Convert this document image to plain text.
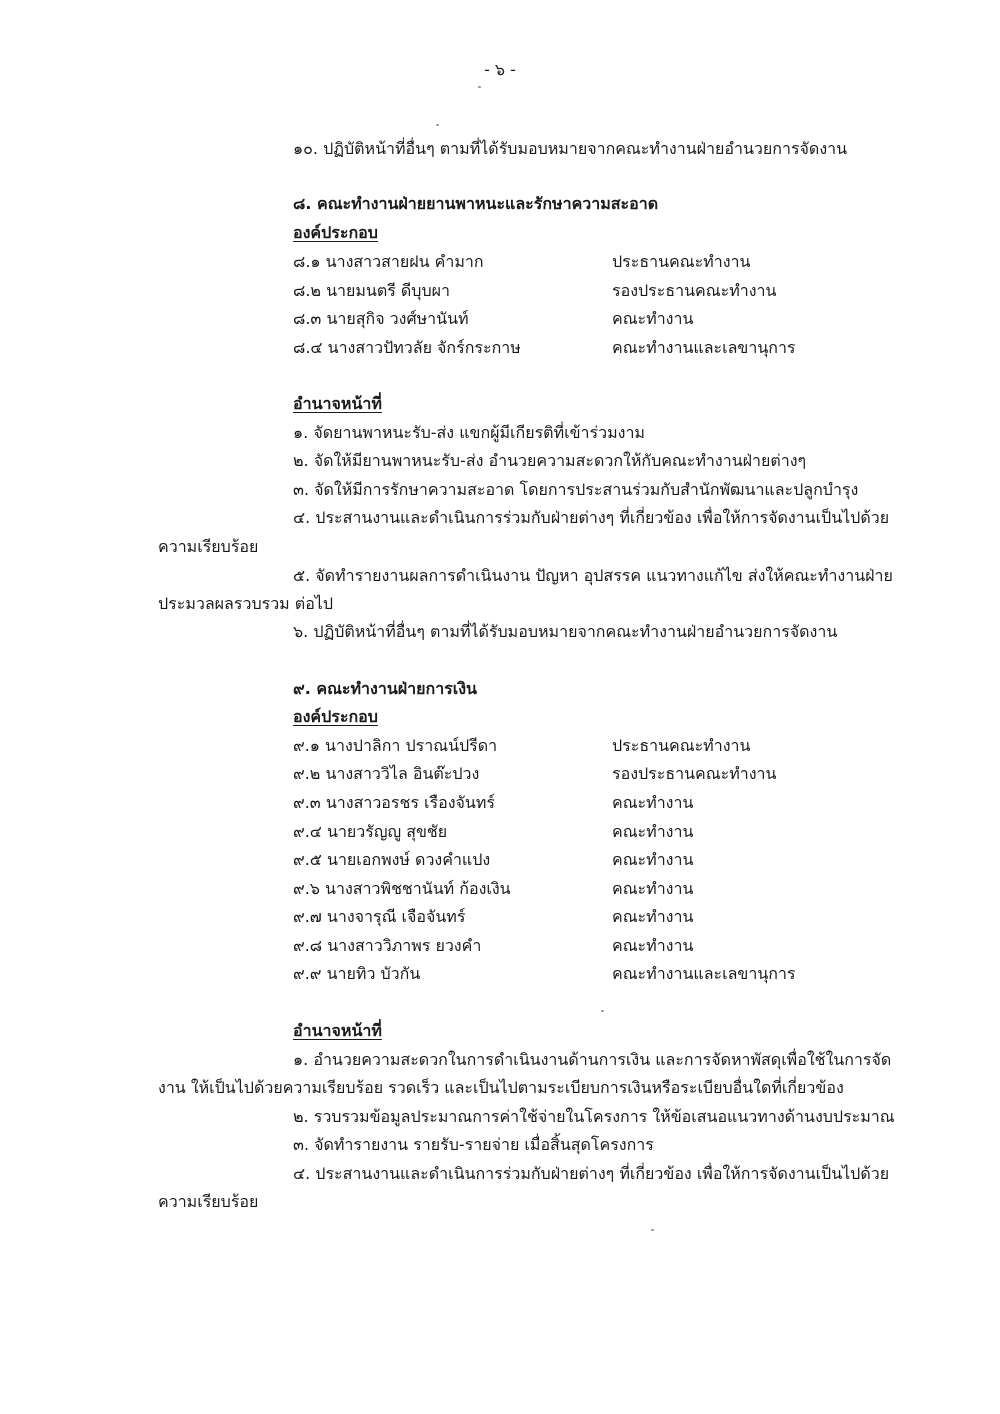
- ๖ -
๑๐. ปฏิบัติหน้าที่อื่นๆ ตามที่ได้รับมอบหมายจากคณะทำงานฝ่ายอำนวยการจัดงาน
๘. คณะทำงานฝ่ายยานพาหนะและรักษาความสะอาด
องค์ประกอบ
๘.๑ นางสาวสายฝน คำมาก	ประธานคณะทำงาน
๘.๒ นายมนตรี ดีบุบผา	รองประธานคณะทำงาน
๘.๓ นายสุกิจ วงศ์ษานันท์	คณะทำงาน
๘.๔ นางสาวปัทวลัย จักร์กระกาษ	คณะทำงานและเลขานุการ
อำนาจหน้าที่
๑. จัดยานพาหนะรับ-ส่ง แขกผู้มีเกียรติที่เข้าร่วมงาม
๒. จัดให้มียานพาหนะรับ-ส่ง อำนวยความสะดวกให้กับคณะทำงานฝ่ายต่างๆ
๓. จัดให้มีการรักษาความสะอาด โดยการประสานร่วมกับสำนักพัฒนาและปลูกบำรุง
๔. ประสานงานและดำเนินการร่วมกับฝ่ายต่างๆ ที่เกี่ยวข้อง เพื่อให้การจัดงานเป็นไปด้วย
ความเรียบร้อย
๕. จัดทำรายงานผลการดำเนินงาน ปัญหา อุปสรรค แนวทางแก้ไข ส่งให้คณะทำงานฝ่าย
ประมวลผลรวบรวม ต่อไป
๖. ปฏิบัติหน้าที่อื่นๆ ตามที่ได้รับมอบหมายจากคณะทำงานฝ่ายอำนวยการจัดงาน
๙. คณะทำงานฝ่ายการเงิน
องค์ประกอบ
๙.๑ นางปาลิกา ปราณน์ปรีดา	ประธานคณะทำงาน
๙.๒ นางสาววิไล อินต๊ะปวง	รองประธานคณะทำงาน
๙.๓ นางสาวอรชร เรืองจันทร์	คณะทำงาน
๙.๔ นายวรัญญู สุขชัย	คณะทำงาน
๙.๕ นายเอกพงษ์ ดวงคำแปง	คณะทำงาน
๙.๖ นางสาวพิชชานันท์ ก้องเงิน	คณะทำงาน
๙.๗ นางจารุณี เจือจันทร์	คณะทำงาน
๙.๘ นางสาววิภาพร ยวงคำ	คณะทำงาน
๙.๙ นายทิว บัวกัน	คณะทำงานและเลขานุการ
อำนาจหน้าที่
๑. อำนวยความสะดวกในการดำเนินงานด้านการเงิน และการจัดหาพัสดุเพื่อใช้ในการจัด
งาน ให้เป็นไปด้วยความเรียบร้อย รวดเร็ว และเป็นไปตามระเบียบการเงินหรือระเบียบอื่นใดที่เกี่ยวข้อง
๒. รวบรวมข้อมูลประมาณการค่าใช้จ่ายในโครงการ ให้ข้อเสนอแนวทางด้านงบประมาณ
๓. จัดทำรายงาน รายรับ-รายจ่าย เมื่อสิ้นสุดโครงการ
๔. ประสานงานและดำเนินการร่วมกับฝ่ายต่างๆ ที่เกี่ยวข้อง เพื่อให้การจัดงานเป็นไปด้วย
ความเรียบร้อย
